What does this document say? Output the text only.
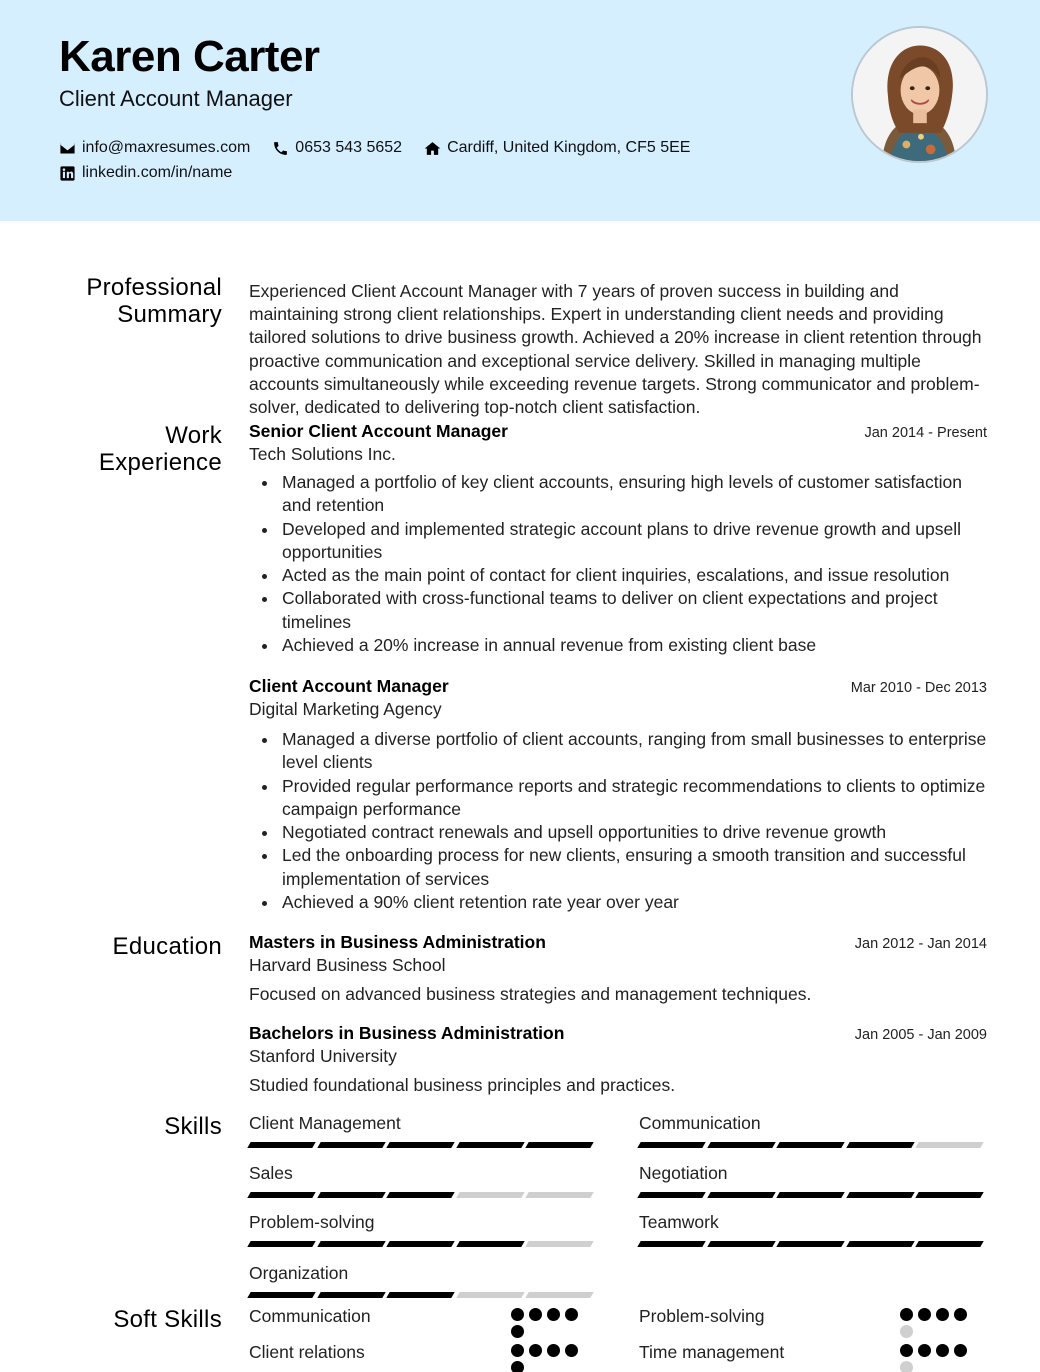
Karen Carter
Client Account Manager
info@maxresumes.com	0653 543 5652	Cardiff, United Kingdom, CF5 5EE
linkedin.com/in/name
Professional
Summary
Experienced Client Account Manager with 7 years of proven success in building and maintaining strong client relationships. Expert in understanding client needs and providing tailored solutions to drive business growth. Achieved a 20% increase in client retention through proactive communication and exceptional service delivery. Skilled in managing multiple accounts simultaneously while exceeding revenue targets. Strong communicator and problem-solver, dedicated to delivering top-notch client satisfaction.
Work
Experience
Senior Client Account Manager	Jan 2014 - Present
Tech Solutions Inc.
Managed a portfolio of key client accounts, ensuring high levels of customer satisfaction and retention
Developed and implemented strategic account plans to drive revenue growth and upsell opportunities
Acted as the main point of contact for client inquiries, escalations, and issue resolution
Collaborated with cross-functional teams to deliver on client expectations and project timelines
Achieved a 20% increase in annual revenue from existing client base
Client Account Manager	Mar 2010 - Dec 2013
Digital Marketing Agency
Managed a diverse portfolio of client accounts, ranging from small businesses to enterprise level clients
Provided regular performance reports and strategic recommendations to clients to optimize campaign performance
Negotiated contract renewals and upsell opportunities to drive revenue growth
Led the onboarding process for new clients, ensuring a smooth transition and successful implementation of services
Achieved a 90% client retention rate year over year
Education Masters in Business Administration	Jan 2012 - Jan 2014
Harvard Business School
Focused on advanced business strategies and management techniques.
Bachelors in Business Administration	Jan 2005 - Jan 2009
Stanford University
Studied foundational business principles and practices.
Skills Client Management	Communication
Sales	Negotiation
Problem-solving	Teamwork
Organization
Soft Skills Communication	Problem-solving
Client relations	Time management
